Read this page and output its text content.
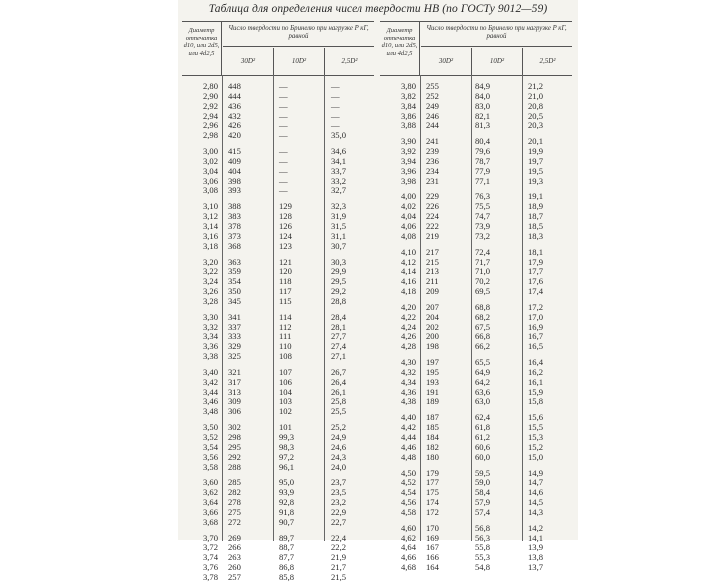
Таблица для определения чисел твердости НВ (по ГОСТу 9012—59)
Диаметр отпечатка d10, или 2d5, или 4d2,5
Число твердости по Бринелю при нагрузке P кГ, равной
30D²	10D²	2,5D²
2,80 448	—	—
2,90 444	—	—
2,92 436	—	—
2,94 432	—	—
2,96 426	—	—
2,98 420	—	35,0
3,00 415	—	34,6
3,02 409	—	34,1
3,04 404	—	33,7
3,06 398	—	33,2
3,08 393	—	32,7
3,10 388	129	32,3
3,12 383	128	31,9
3,14 378	126	31,5
3,16 373	124	31,1
3,18 368	123	30,7
3,20 363	121	30,3
3,22 359	120	29,9
3,24 354	118	29,5
3,26 350	117	29,2
3,28 345	115	28,8
3,30 341	114	28,4
3,32 337	112	28,1
3,34 333	111	27,7
3,36 329	110	27,4
3,38 325	108	27,1
3,40 321	107	26,7
3,42 317	106	26,4
3,44 313	104	26,1
3,46 309	103	25,8
3,48 306	102	25,5
3,50 302	101	25,2
3,52 298	99,3	24,9
3,54 295	98,3	24,6
3,56 292	97,2	24,3
3,58 288	96,1	24,0
3,60 285	95,0	23,7
3,62 282	93,9	23,5
3,64 278	92,8	23,2
3,66 275	91,8	22,9
3,68 272	90,7	22,7
3,70 269	89,7	22,4
3,72 266	88,7	22,2
3,74 263	87,7	21,9
3,76 260	86,8	21,7
3,78 257	85,8	21,5
Диаметр отпечатка d10, или 2d5, или 4d2,5
Число твердости по Бринелю при нагрузке P кГ, равной
30D²	10D²	2,5D²
3,80 255	84,9	21,2
3,82 252	84,0	21,0
3,84 249	83,0	20,8
3,86 246	82,1	20,5
3,88 244	81,3	20,3
3,90 241	80,4	20,1
3,92 239	79,6	19,9
3,94 236	78,7	19,7
3,96 234	77,9	19,5
3,98 231	77,1	19,3
4,00 229	76,3	19,1
4,02 226	75,5	18,9
4,04 224	74,7	18,7
4,06 222	73,9	18,5
4,08 219	73,2	18,3
4,10 217	72,4	18,1
4,12 215	71,7	17,9
4,14 213	71,0	17,7
4,16 211	70,2	17,6
4,18 209	69,5	17,4
4,20 207	68,8	17,2
4,22 204	68,2	17,0
4,24 202	67,5	16,9
4,26 200	66,8	16,7
4,28 198	66,2	16,5
4,30 197	65,5	16,4
4,32 195	64,9	16,2
4,34 193	64,2	16,1
4,36 191	63,6	15,9
4,38 189	63,0	15,8
4,40 187	62,4	15,6
4,42 185	61,8	15,5
4,44 184	61,2	15,3
4,46 182	60,6	15,2
4,48 180	60,0	15,0
4,50 179	59,5	14,9
4,52 177	59,0	14,7
4,54 175	58,4	14,6
4,56 174	57,9	14,5
4,58 172	57,4	14,3
4,60 170	56,8	14,2
4,62 169	56,3	14,1
4,64 167	55,8	13,9
4,66 166	55,3	13,8
4,68 164	54,8	13,7
